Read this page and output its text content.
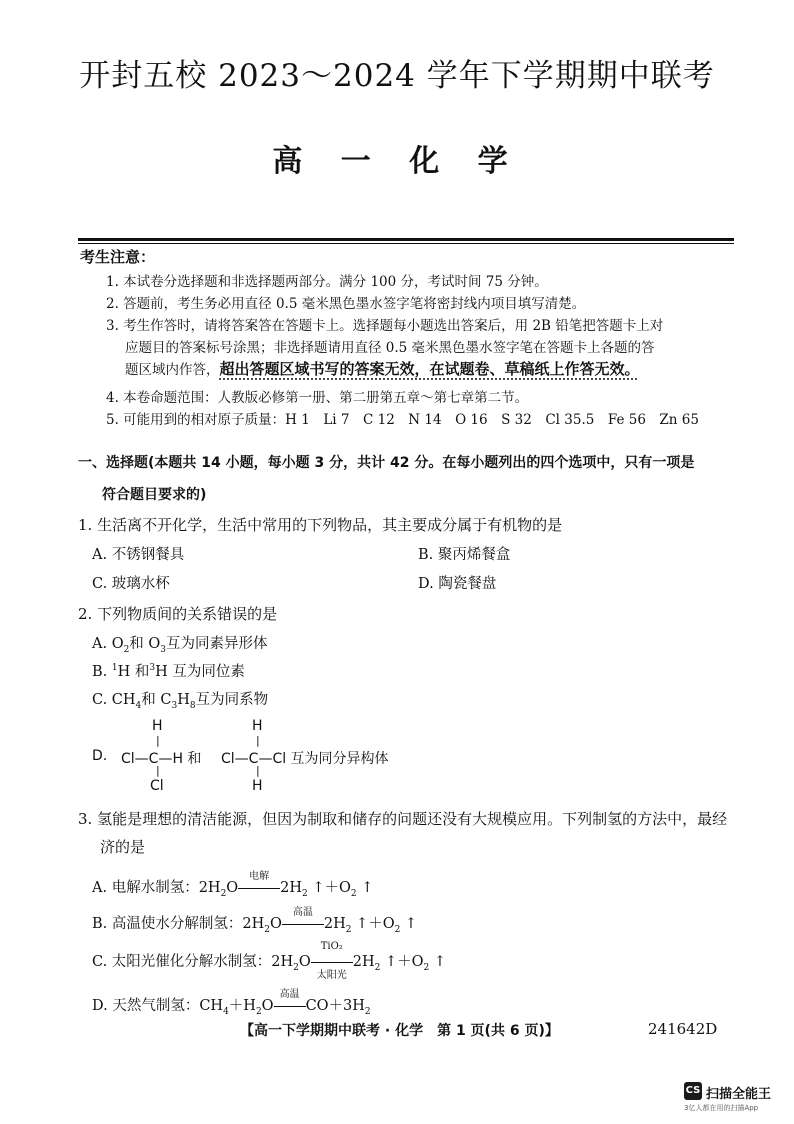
开封五校 2023～2024 学年下学期期中联考
高 一 化 学
考生注意：
1. 本试卷分选择题和非选择题两部分。满分 100 分，考试时间 75 分钟。
2. 答题前，考生务必用直径 0.5 毫米黑色墨水签字笔将密封线内项目填写清楚。
3. 考生作答时，请将答案答在答题卡上。选择题每小题选出答案后，用 2B 铅笔把答题卡上对
应题目的答案标号涂黑；非选择题请用直径 0.5 毫米黑色墨水签字笔在答题卡上各题的答
题区域内作答，超出答题区域书写的答案无效，在试题卷、草稿纸上作答无效。
4. 本卷命题范围：人教版必修第一册、第二册第五章～第七章第二节。
5. 可能用到的相对原子质量：H 1　Li 7　C 12　N 14　O 16　S 32　Cl 35.5　Fe 56　Zn 65
一、选择题(本题共 14 小题，每小题 3 分，共计 42 分。在每小题列出的四个选项中，只有一项是
符合题目要求的)
1. 生活离不开化学，生活中常用的下列物品，其主要成分属于有机物的是
A. 不锈钢餐具	B. 聚丙烯餐盒
C. 玻璃水杯	D. 陶瓷餐盘
2. 下列物质间的关系错误的是
A. $O_2$和 $O_3$互为同素异形体
B. $^1$H 和$^3$H 互为同位素
C. $CH_4$和 $C_3H_8$互为同系物
D.
H
|
Cl—C—H 和
|
Cl
H
|
Cl—C—Cl 互为同分异构体
|
H
3. 氢能是理想的清洁能源，但因为制取和储存的问题还没有大规模应用。下列制氢的方法中，最经
济的是
A. 电解水制氢：$2H_2O$
电解
$2H_2$ $↑+O_2$ ↑
B. 高温使水分解制氢：$2H_2O$
高温
$2H_2$ $↑+O_2$ ↑
C. 太阳光催化分解水制氢：$2H_2O \frac{\text{TiO₂}}{\text{太阳光}} 2H_2$ $↑+O_2$ ↑
D. 天然气制氢：$CH_4+H_2O$
高温
$CO+3H_2$
【高一下学期期中联考 · 化学　第 1 页(共 6 页)】	241642D
CS 扫描全能王
3亿人都在用的扫描App
